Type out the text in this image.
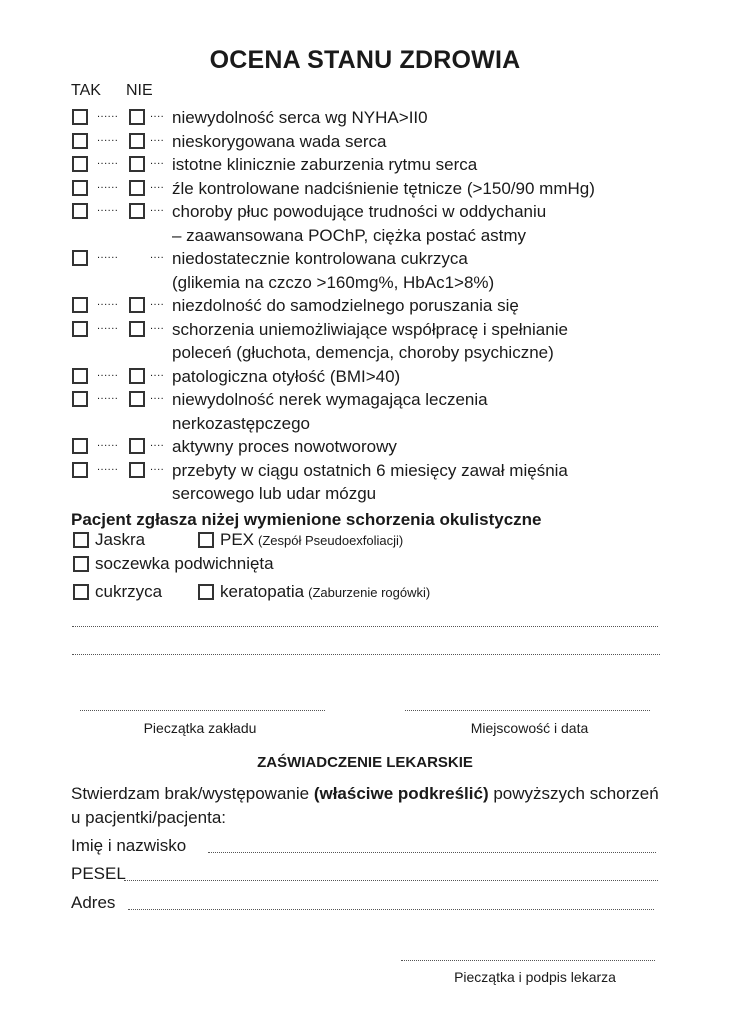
OCENA STANU ZDROWIA
TAK NIE
......	.... niewydolność serca wg NYHA>II0
......	.... nieskorygowana wada serca
......	.... istotne klinicznie zaburzenia rytmu serca
......	.... źle kontrolowane nadciśnienie tętnicze (>150/90 mmHg)
......	.... choroby płuc powodujące trudności w oddychaniu
– zaawansowana POChP, ciężka postać astmy
......	.... niedostatecznie kontrolowana cukrzyca
(glikemia na czczo >160mg%, HbAc1>8%)
......	.... niezdolność do samodzielnego poruszania się
......	.... schorzenia uniemożliwiające współpracę i spełnianie
poleceń (głuchota, demencja, choroby psychiczne)
......	.... patologiczna otyłość (BMI>40)
......	.... niewydolność nerek wymagająca leczenia
nerkozastępczego
......	.... aktywny proces nowotworowy
......	.... przebyty w ciągu ostatnich 6 miesięcy zawał mięśnia
sercowego lub udar mózgu
Pacjent zgłasza niżej wymienione schorzenia okulistyczne
Jaskra	PEX (Zespół Pseudoexfoliacji)
soczewka podwichnięta
cukrzyca	keratopatia (Zaburzenie rogówki)
Pieczątka zakładu	Miejscowość i data
ZAŚWIADCZENIE LEKARSKIE
Stwierdzam brak/występowanie (właściwe podkreślić) powyższych schorzeń u pacjentki/pacjenta:
Imię i nazwisko
PESEL
Adres
Pieczątka i podpis lekarza
